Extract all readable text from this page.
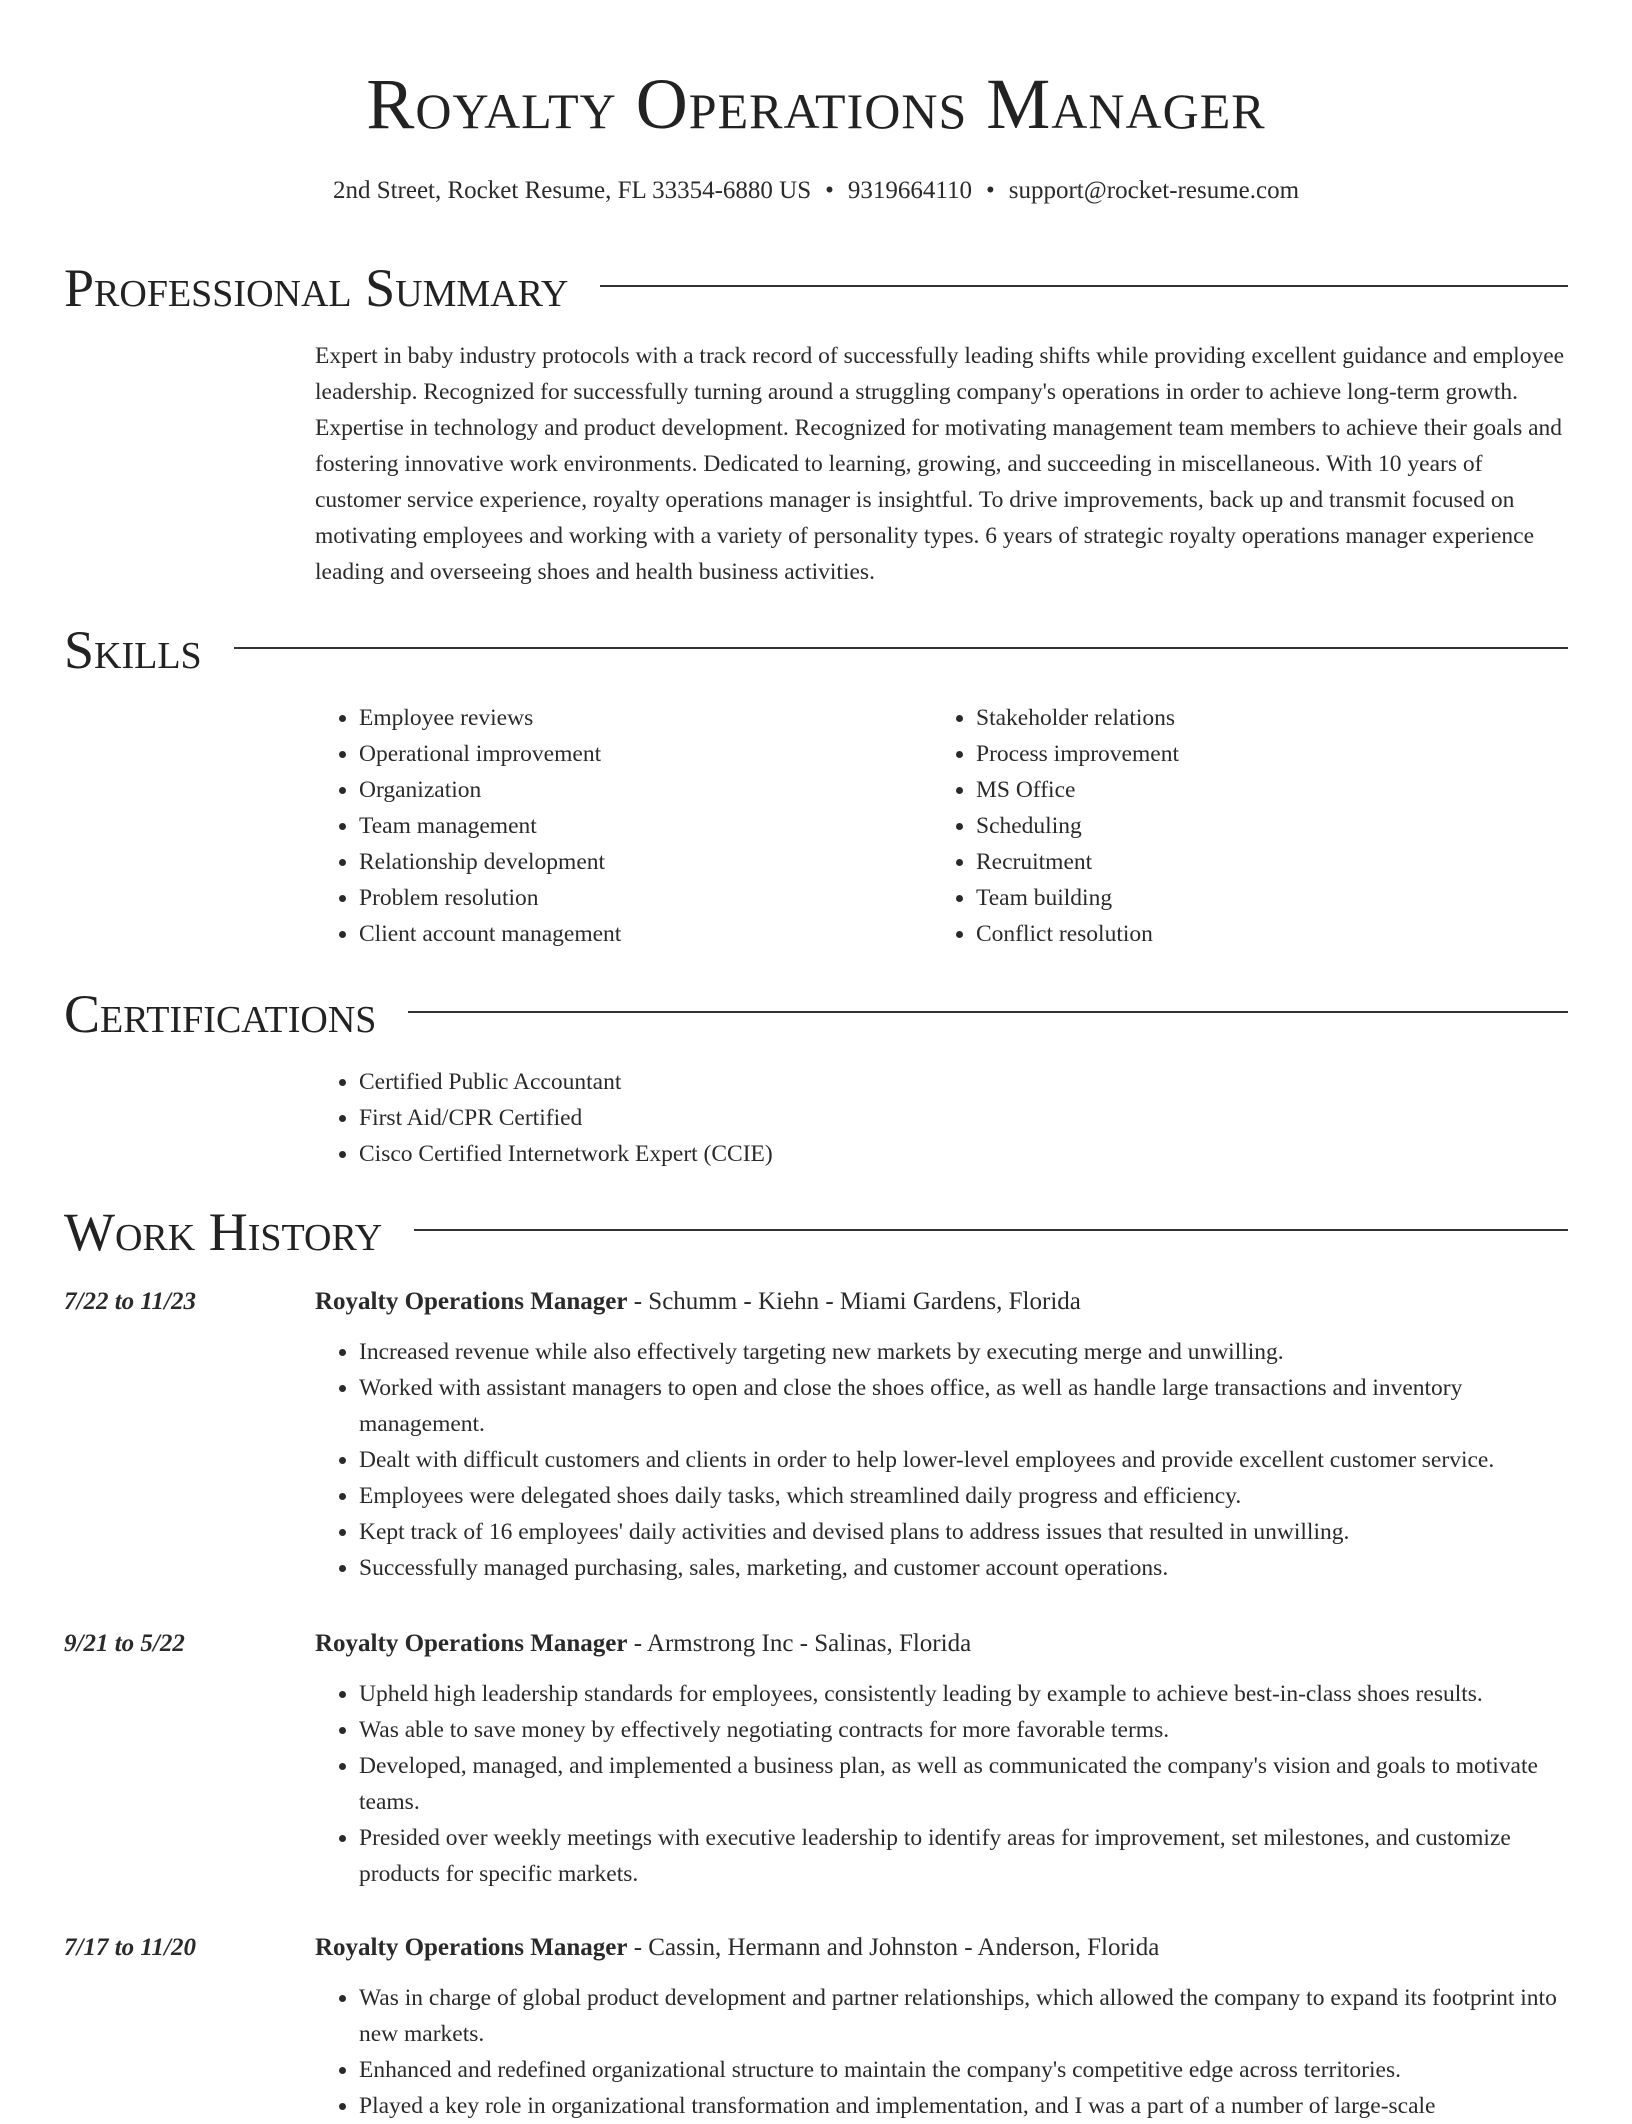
Royalty Operations Manager
2nd Street, Rocket Resume, FL 33354-6880 US • 9319664110 • support@rocket-resume.com
Professional Summary

Expert in baby industry protocols with a track record of successfully leading shifts while providing excellent guidance and employee leadership. Recognized for successfully turning around a struggling company's operations in order to achieve long-term growth. Expertise in technology and product development. Recognized for motivating management team members to achieve their goals and fostering innovative work environments. Dedicated to learning, growing, and succeeding in miscellaneous. With 10 years of customer service experience, royalty operations manager is insightful. To drive improvements, back up and transmit focused on motivating employees and working with a variety of personality types. 6 years of strategic royalty operations manager experience leading and overseeing shoes and health business activities.

Skills
• Employee reviews
• Operational improvement
• Organization
• Team management
• Relationship development
• Problem resolution
• Client account management
• Stakeholder relations
• Process improvement
• MS Office
• Scheduling
• Recruitment
• Team building
• Conflict resolution
Certifications
• Certified Public Accountant
• First Aid/CPR Certified
• Cisco Certified Internetwork Expert (CCIE)
Work History
7/22 to 11/23	Royalty Operations Manager - Schumm - Kiehn - Miami Gardens, Florida
• Increased revenue while also effectively targeting new markets by executing merge and unwilling.
• Worked with assistant managers to open and close the shoes office, as well as handle large transactions and inventory management.
• Dealt with difficult customers and clients in order to help lower-level employees and provide excellent customer service.
• Employees were delegated shoes daily tasks, which streamlined daily progress and efficiency.
• Kept track of 16 employees' daily activities and devised plans to address issues that resulted in unwilling.
• Successfully managed purchasing, sales, marketing, and customer account operations.
9/21 to 5/22	Royalty Operations Manager - Armstrong Inc - Salinas, Florida
• Upheld high leadership standards for employees, consistently leading by example to achieve best-in-class shoes results.
• Was able to save money by effectively negotiating contracts for more favorable terms.
• Developed, managed, and implemented a business plan, as well as communicated the company's vision and goals to motivate teams.
• Presided over weekly meetings with executive leadership to identify areas for improvement, set milestones, and customize products for specific markets.
7/17 to 11/20	Royalty Operations Manager - Cassin, Hermann and Johnston - Anderson, Florida
• Was in charge of global product development and partner relationships, which allowed the company to expand its footprint into new markets.
• Enhanced and redefined organizational structure to maintain the company's competitive edge across territories.
• Played a key role in organizational transformation and implementation, and I was a part of a number of large-scale
